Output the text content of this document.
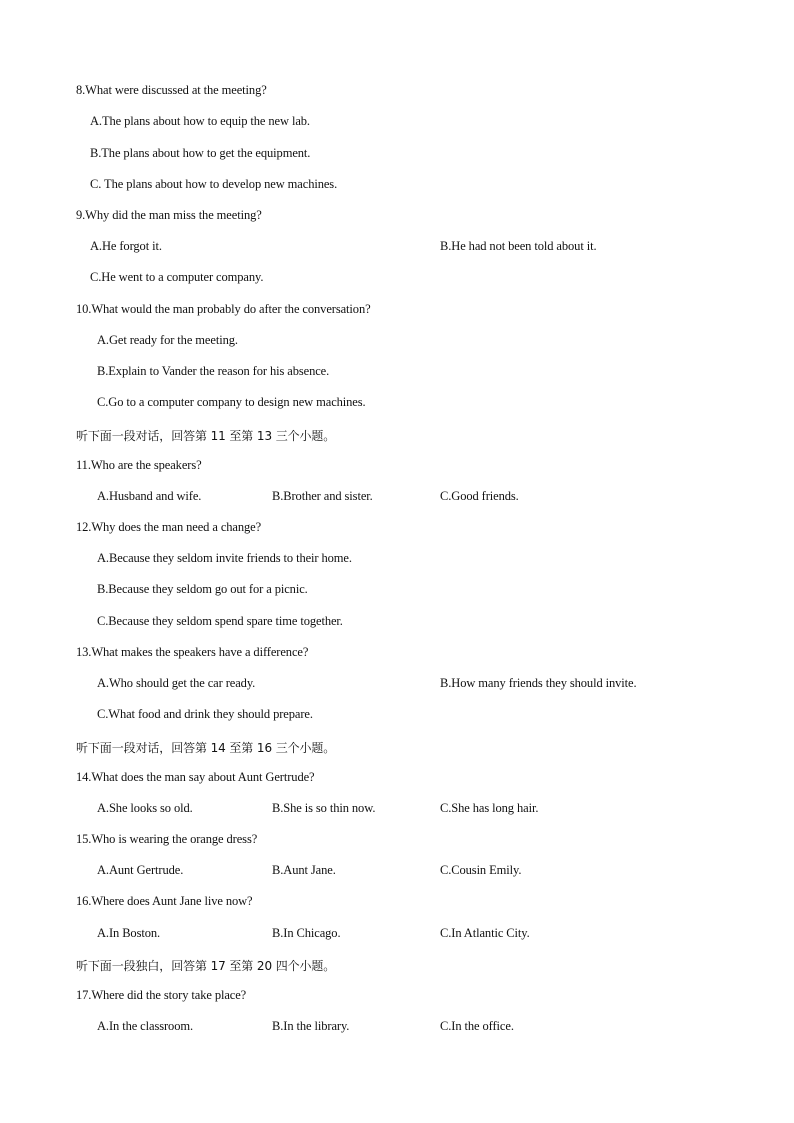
8.What were discussed at the meeting?
A.The plans about how to equip the new lab.
B.The plans about how to get the equipment.
C. The plans about how to develop new machines.
9.Why did the man miss the meeting?
A.He forgot it.	B.He had not been told about it.
C.He went to a computer company.
10.What would the man probably do after the conversation?
A.Get ready for the meeting.
B.Explain to Vander the reason for his absence.
C.Go to a computer company to design new machines.
听下面一段对话，回答第 11 至第 13 三个小题。
11.Who are the speakers?
A.Husband and wife.	B.Brother and sister.	C.Good friends.
12.Why does the man need a change?
A.Because they seldom invite friends to their home.
B.Because they seldom go out for a picnic.
C.Because they seldom spend spare time together.
13.What makes the speakers have a difference?
A.Who should get the car ready.	B.How many friends they should invite.
C.What food and drink they should prepare.
听下面一段对话，回答第 14 至第 16 三个小题。
14.What does the man say about Aunt Gertrude?
A.She looks so old.	B.She is so thin now.	C.She has long hair.
15.Who is wearing the orange dress?
A.Aunt Gertrude.	B.Aunt Jane.	C.Cousin Emily.
16.Where does Aunt Jane live now?
A.In Boston.	B.In Chicago.	C.In Atlantic City.
听下面一段独白，回答第 17 至第 20 四个小题。
17.Where did the story take place?
A.In the classroom.	B.In the library.	C.In the office.
